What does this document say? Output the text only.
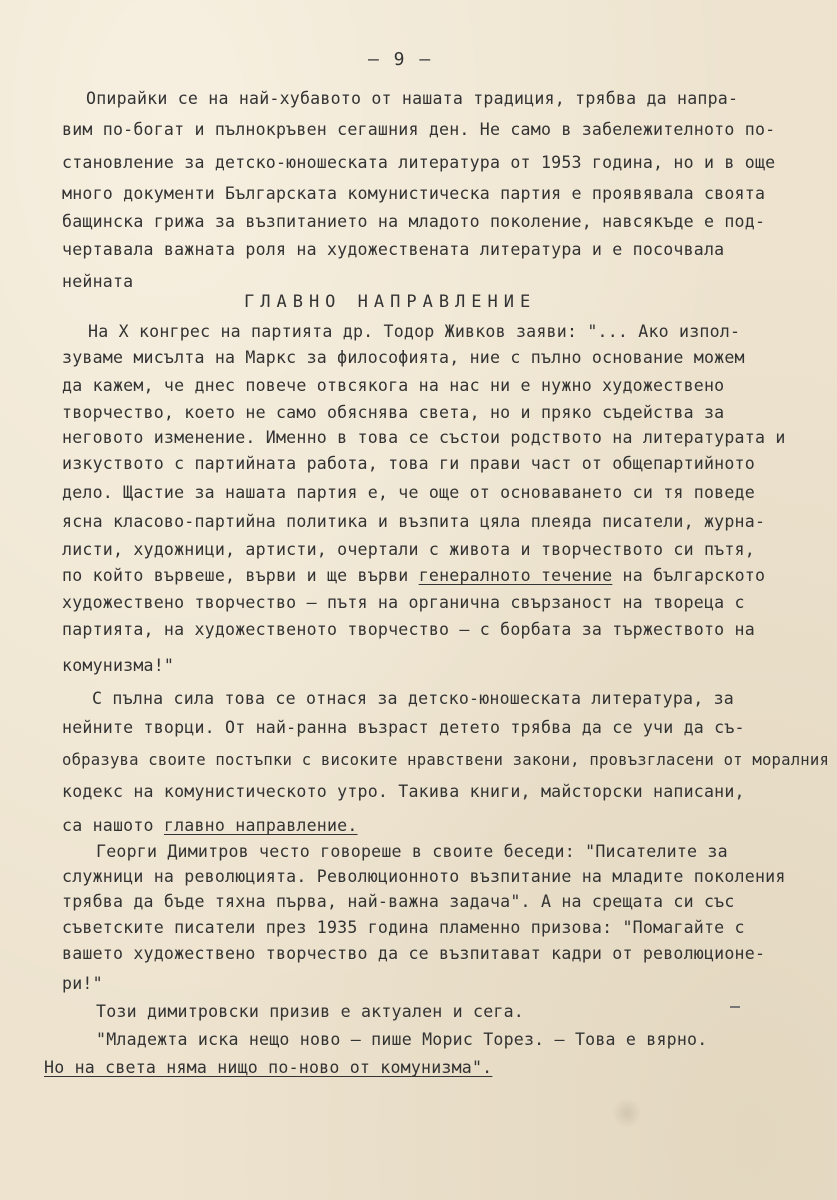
– 9 –
Опирайки се на най-хубавото от нашата традиция, трябва да напра-
вим по-богат и пълнокръвен сегашния ден. Не само в забележителното по-
становление за детско-юношеската литература от 1953 година, но и в още
много документи Българската комунистическа партия е проявявала своята
бащинска грижа за възпитанието на младото поколение, навсякъде е под-
чертавала важната роля на художествената литература и е посочвала
нейната
ГЛАВНО НАПРАВЛЕНИЕ
На Х конгрес на партията др. Тодор Живков заяви: "... Ако изпол-
зуваме мисълта на Маркс за философията, ние с пълно основание можем
да кажем, че днес повече отвсякога на нас ни е нужно художествено
творчество, което не само обяснява света, но и пряко съдейства за
неговото изменение. Именно в това се състои родството на литературата и
изкуството с партийната работа, това ги прави част от общепартийното
дело. Щастие за нашата партия е, че още от основаването си тя поведе
ясна класово-партийна политика и възпита цяла плеяда писатели, журна-
листи, художници, артисти, очертали с живота и творчеството си пътя,
по който вървеше, върви и ще върви генералното течение на българското
художествено творчество – пътя на органична свързаност на твореца с
партията, на художественото творчество – с борбата за тържеството на
комунизма!"
С пълна сила това се отнася за детско-юношеската литература, за
нейните творци. От най-ранна възраст детето трябва да се учи да съ-
образува своите постъпки с високите нравствени закони, провъзгласени от моралния
кодекс на комунистическото утро. Такива книги, майсторски написани,
са нашото главно направление.
Георги Димитров често говореше в своите беседи: "Писателите за
служници на революцията. Революционното възпитание на младите поколения
трябва да бъде тяхна първа, най-важна задача". А на срещата си със
съветските писатели през 1935 година пламенно призова: "Помагайте с
вашето художествено творчество да се възпитават кадри от революционе-
ри!"
Този димитровски призив е актуален и сега.
"Младежта иска нещо ново – пише Морис Торез. – Това е вярно.
Но на света няма нищо по-ново от комунизма".
